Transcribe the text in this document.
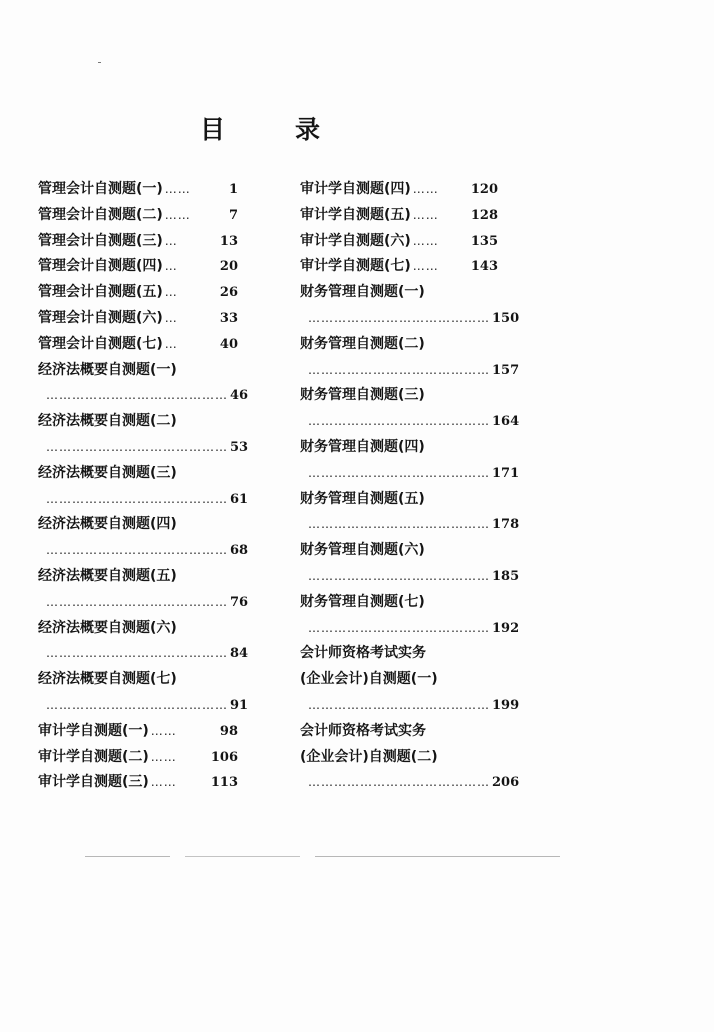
目	录
管理会计自测题(一) ……	1
管理会计自测题(二) ……	7
管理会计自测题(三) …	13
管理会计自测题(四) …	20
管理会计自测题(五) …	26
管理会计自测题(六) …	33
管理会计自测题(七) …	40
经济法概要自测题(一)
…………………………………… 46
经济法概要自测题(二)
…………………………………… 53
经济法概要自测题(三)
…………………………………… 61
经济法概要自测题(四)
…………………………………… 68
经济法概要自测题(五)
…………………………………… 76
经济法概要自测题(六)
…………………………………… 84
经济法概要自测题(七)
…………………………………… 91
审计学自测题(一) ……	98
审计学自测题(二) ……	106
审计学自测题(三) ……	113
审计学自测题(四) ……	120
审计学自测题(五) ……	128
审计学自测题(六) ……	135
审计学自测题(七) ……	143
财务管理自测题(一)
…………………………………… 150
财务管理自测题(二)
…………………………………… 157
财务管理自测题(三)
…………………………………… 164
财务管理自测题(四)
…………………………………… 171
财务管理自测题(五)
…………………………………… 178
财务管理自测题(六)
…………………………………… 185
财务管理自测题(七)
…………………………………… 192
会计师资格考试实务
(企业会计)自测题(一)
…………………………………… 199
会计师资格考试实务
(企业会计)自测题(二)
…………………………………… 206
